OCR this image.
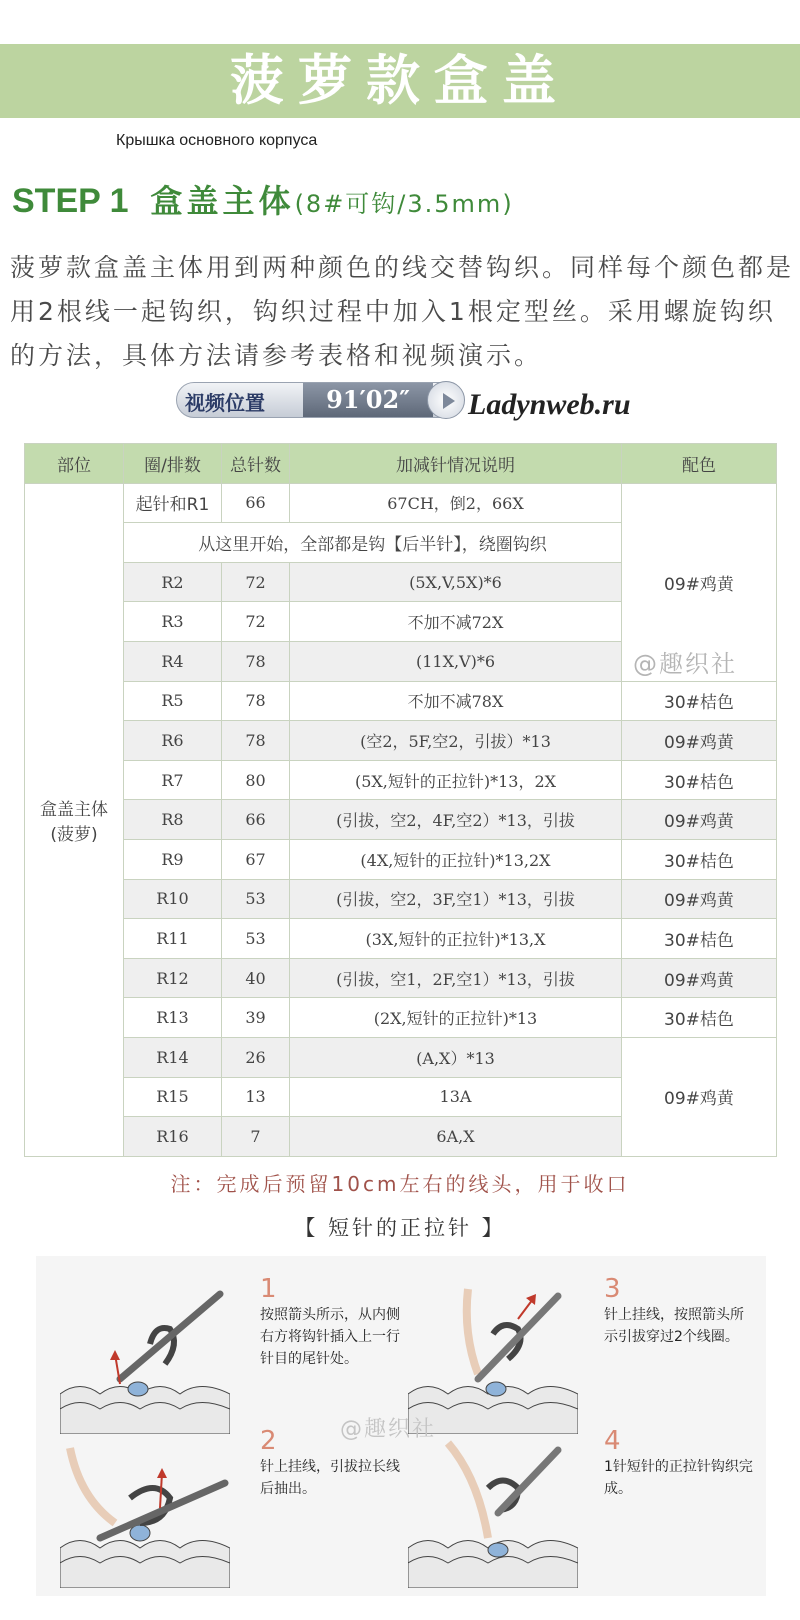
菠萝款盒盖
Крышка основного корпуса
STEP 1 盒盖主体(8#可钩/3.5mm)
菠萝款盒盖主体用到两种颜色的线交替钩织。同样每个颜色都是用2根线一起钩织，钩织过程中加入1根定型丝。采用螺旋钩织的方法，具体方法请参考表格和视频演示。
视频位置	91′02″	Ladynweb.ru
部位	圈/排数	总针数	加减针情况说明	配色
盒盖主体
(菠萝)	起针和R1	66	67CH，倒2，66X	09#鸡黄
	从这里开始，全部都是钩【后半针】，绕圈钩织			
	R2	72	(5X,V,5X)*6	
	R3	72	不加不减72X	
	R4	78	(11X,V)*6	
	R5	78	不加不减78X	30#桔色
	R6	78	(空2，5F,空2，引拔）*13	09#鸡黄
	R7	80	(5X,短针的正拉针)*13，2X	30#桔色
	R8	66	(引拔，空2，4F,空2）*13，引拔	09#鸡黄
	R9	67	(4X,短针的正拉针)*13,2X	30#桔色
	R10	53	(引拔，空2，3F,空1）*13，引拔	09#鸡黄
	R11	53	(3X,短针的正拉针)*13,X	30#桔色
	R12	40	(引拔，空1，2F,空1）*13，引拔	09#鸡黄
	R13	39	(2X,短针的正拉针)*13	30#桔色
	R14	26	(A,X）*13	09#鸡黄
	R15	13	13A	
	R16	7	6A,X	
@趣织社
注：完成后预留10cm左右的线头，用于收口
【 短针的正拉针 】
1
按照箭头所示，从内侧右方将钩针插入上一行针目的尾针处。
3
针上挂线，按照箭头所示引拔穿过2个线圈。
2
针上挂线，引拔拉长线后抽出。
4
1针短针的正拉针钩织完成。
@趣织社
